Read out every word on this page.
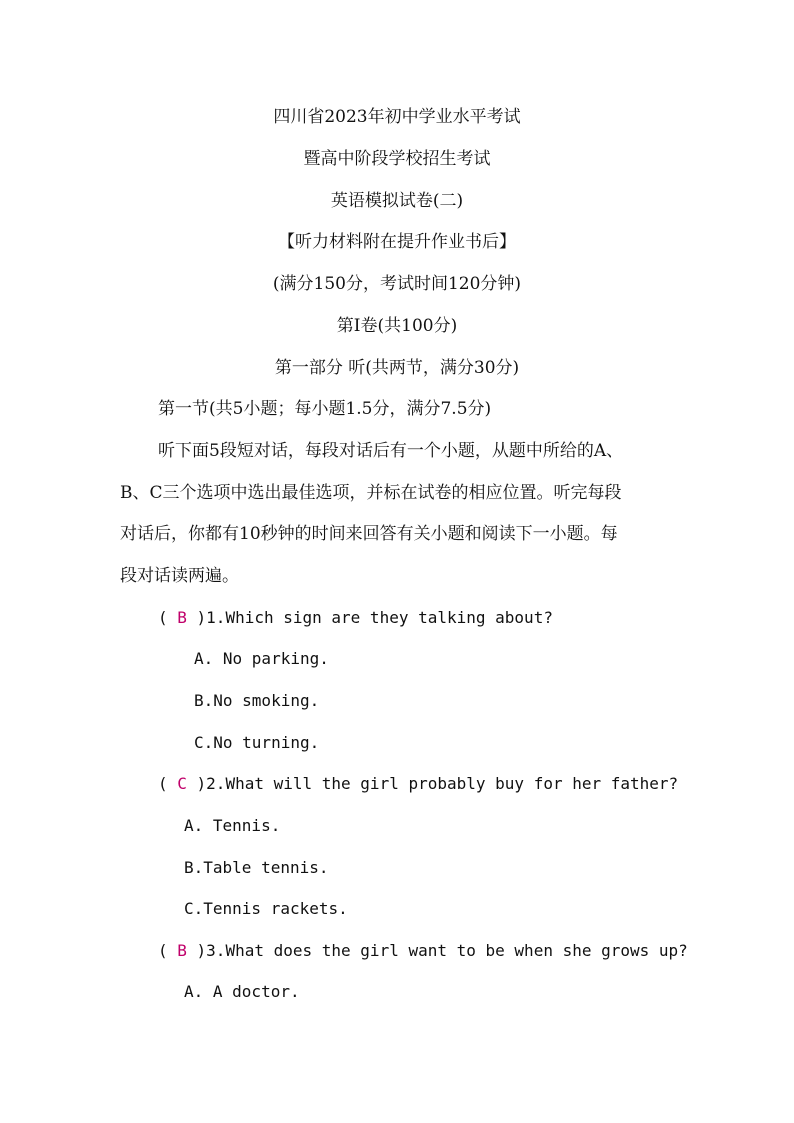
四川省2023年初中学业水平考试
暨高中阶段学校招生考试
英语模拟试卷(二)
【听力材料附在提升作业书后】
(满分150分，考试时间120分钟)
第Ⅰ卷(共100分)
第一部分 听(共两节，满分30分)
第一节(共5小题；每小题1.5分，满分7.5分)
听下面5段短对话，每段对话后有一个小题，从题中所给的A、
B、C三个选项中选出最佳选项，并标在试卷的相应位置。听完每段
对话后，你都有10秒钟的时间来回答有关小题和阅读下一小题。每
段对话读两遍。
( B )1.Which sign are they talking about?
A. No parking.
B.No smoking.
C.No turning.
( C )2.What will the girl probably buy for her father?
A. Tennis.
B.Table tennis.
C.Tennis rackets.
( B )3.What does the girl want to be when she grows up?
A. A doctor.
